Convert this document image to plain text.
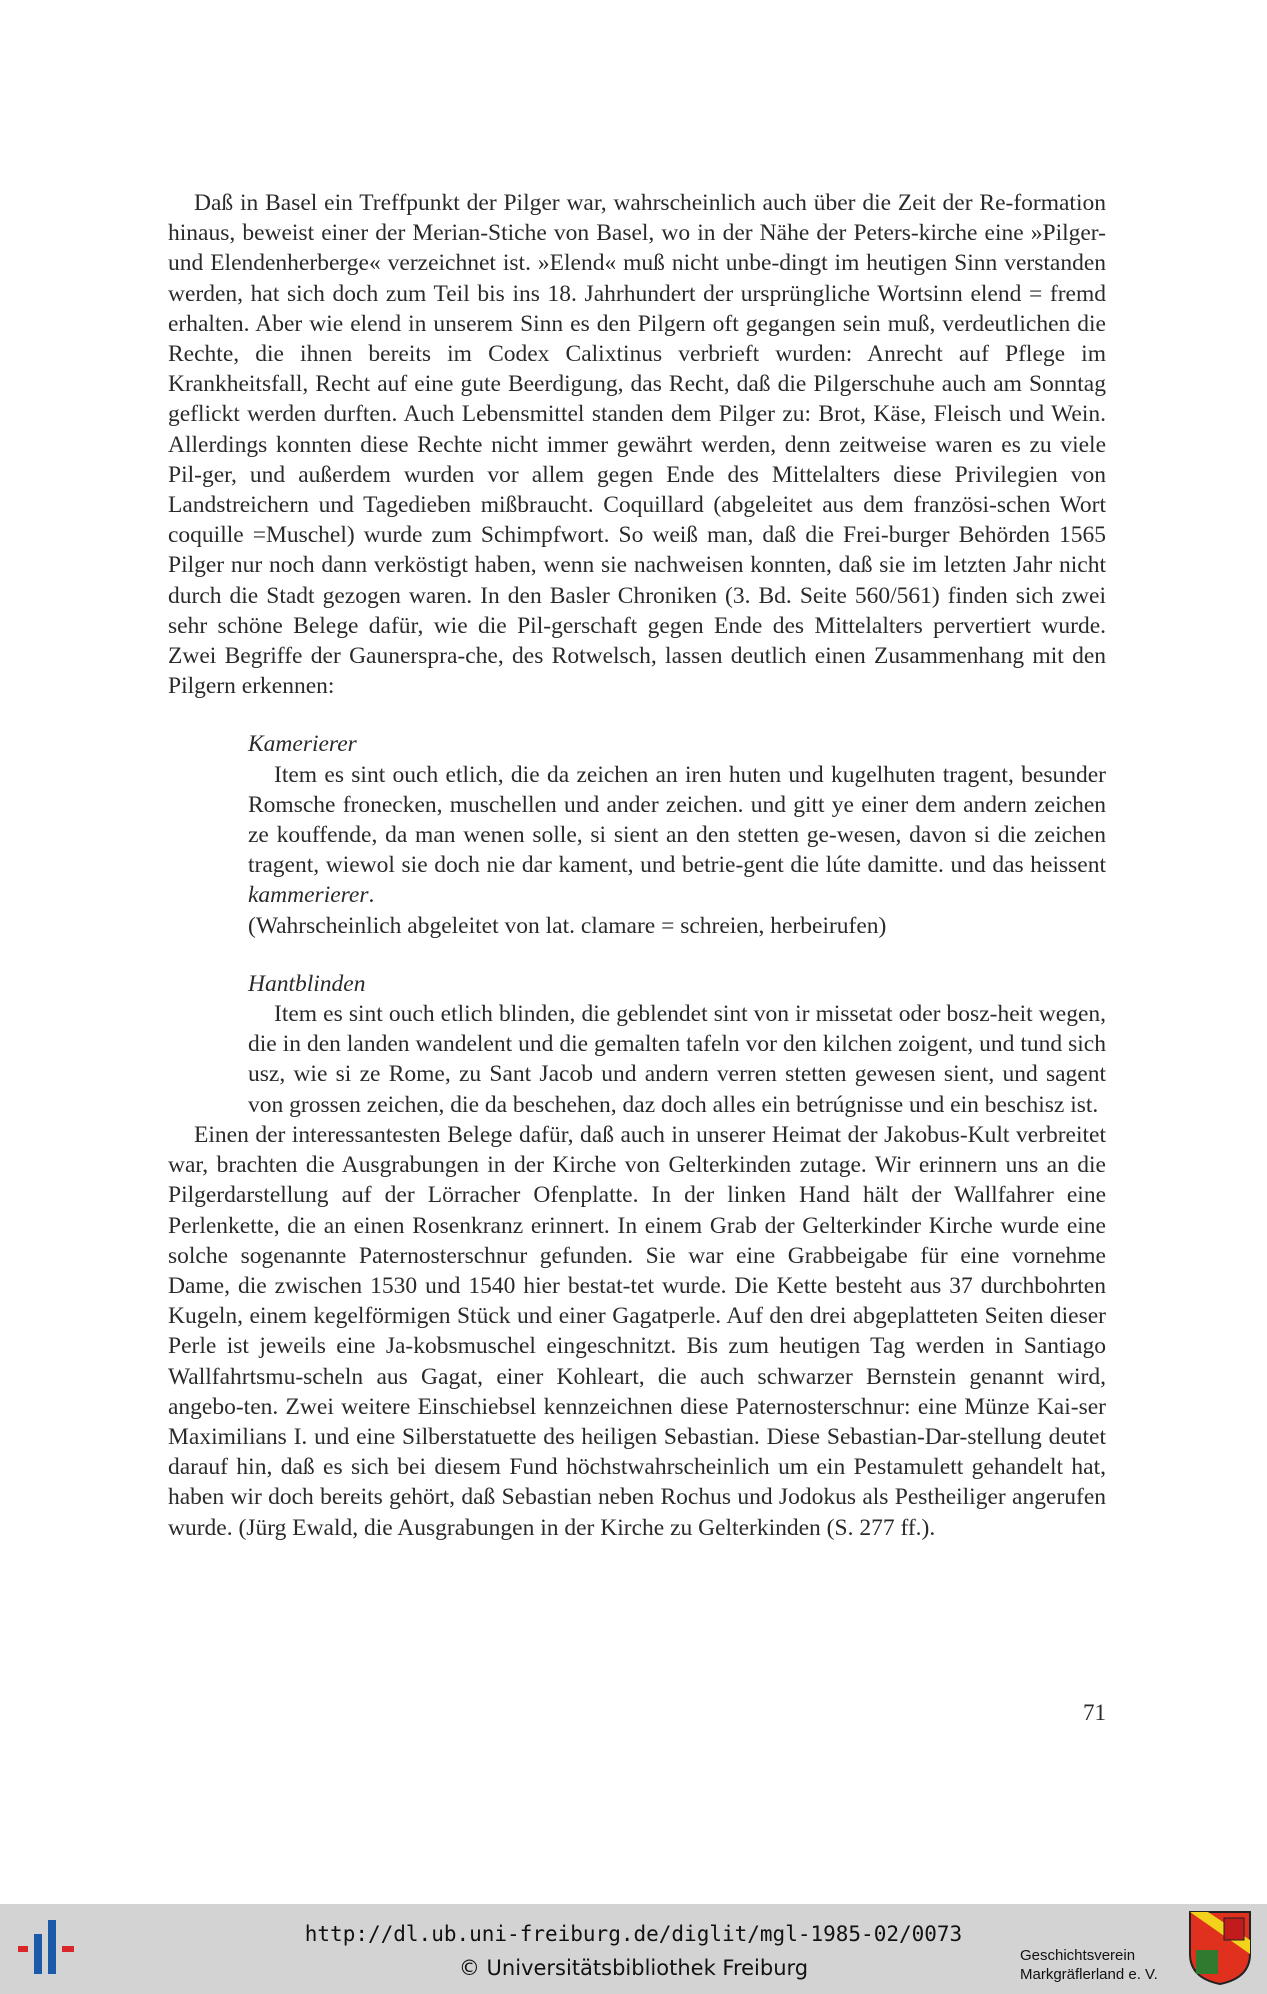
Daß in Basel ein Treffpunkt der Pilger war, wahrscheinlich auch über die Zeit der Re-formation hinaus, beweist einer der Merian-Stiche von Basel, wo in der Nähe der Peters-kirche eine »Pilger- und Elendenherberge« verzeichnet ist. »Elend« muß nicht unbe-dingt im heutigen Sinn verstanden werden, hat sich doch zum Teil bis ins 18. Jahrhundert der ursprüngliche Wortsinn elend = fremd erhalten. Aber wie elend in unserem Sinn es den Pilgern oft gegangen sein muß, verdeutlichen die Rechte, die ihnen bereits im Codex Calixtinus verbrieft wurden: Anrecht auf Pflege im Krankheitsfall, Recht auf eine gute Beerdigung, das Recht, daß die Pilgerschuhe auch am Sonntag geflickt werden durften. Auch Lebensmittel standen dem Pilger zu: Brot, Käse, Fleisch und Wein. Allerdings konnten diese Rechte nicht immer gewährt werden, denn zeitweise waren es zu viele Pil-ger, und außerdem wurden vor allem gegen Ende des Mittelalters diese Privilegien von Landstreichern und Tagedieben mißbraucht. Coquillard (abgeleitet aus dem französi-schen Wort coquille =Muschel) wurde zum Schimpfwort. So weiß man, daß die Frei-burger Behörden 1565 Pilger nur noch dann verköstigt haben, wenn sie nachweisen konnten, daß sie im letzten Jahr nicht durch die Stadt gezogen waren. In den Basler Chroniken (3. Bd. Seite 560/561) finden sich zwei sehr schöne Belege dafür, wie die Pil-gerschaft gegen Ende des Mittelalters pervertiert wurde. Zwei Begriffe der Gaunerspra-che, des Rotwelsch, lassen deutlich einen Zusammenhang mit den Pilgern erkennen:

Kamerierer

Item es sint ouch etlich, die da zeichen an iren huten und kugelhuten tragent, besunder Romsche fronecken, muschellen und ander zeichen. und gitt ye einer dem andern zeichen ze kouffende, da man wenen solle, si sient an den stetten ge-wesen, davon si die zeichen tragent, wiewol sie doch nie dar kament, und betrie-gent die lúte damitte. und das heissent kammerierer.

(Wahrscheinlich abgeleitet von lat. clamare = schreien, herbeirufen)

Hantblinden

Item es sint ouch etlich blinden, die geblendet sint von ir missetat oder bosz-heit wegen, die in den landen wandelent und die gemalten tafeln vor den kilchen zoigent, und tund sich usz, wie si ze Rome, zu Sant Jacob und andern verren stetten gewesen sient, und sagent von grossen zeichen, die da beschehen, daz doch alles ein betrúgnisse und ein beschisz ist.

Einen der interessantesten Belege dafür, daß auch in unserer Heimat der Jakobus-Kult verbreitet war, brachten die Ausgrabungen in der Kirche von Gelterkinden zutage. Wir erinnern uns an die Pilgerdarstellung auf der Lörracher Ofenplatte. In der linken Hand hält der Wallfahrer eine Perlenkette, die an einen Rosenkranz erinnert. In einem Grab der Gelterkinder Kirche wurde eine solche sogenannte Paternosterschnur gefunden. Sie war eine Grabbeigabe für eine vornehme Dame, die zwischen 1530 und 1540 hier bestat-tet wurde. Die Kette besteht aus 37 durchbohrten Kugeln, einem kegelförmigen Stück und einer Gagatperle. Auf den drei abgeplatteten Seiten dieser Perle ist jeweils eine Ja-kobsmuschel eingeschnitzt. Bis zum heutigen Tag werden in Santiago Wallfahrtsmu-scheln aus Gagat, einer Kohleart, die auch schwarzer Bernstein genannt wird, angebo-ten. Zwei weitere Einschiebsel kennzeichnen diese Paternosterschnur: eine Münze Kai-ser Maximilians I. und eine Silberstatuette des heiligen Sebastian. Diese Sebastian-Dar-stellung deutet darauf hin, daß es sich bei diesem Fund höchstwahrscheinlich um ein Pestamulett gehandelt hat, haben wir doch bereits gehört, daß Sebastian neben Rochus und Jodokus als Pestheiliger angerufen wurde. (Jürg Ewald, die Ausgrabungen in der Kirche zu Gelterkinden (S. 277 ff.).

71
http://dl.ub.uni-freiburg.de/diglit/mgl-1985-02/0073
© Universitätsbibliothek Freiburg
Geschichtsverein
Markgräflerland e. V.
